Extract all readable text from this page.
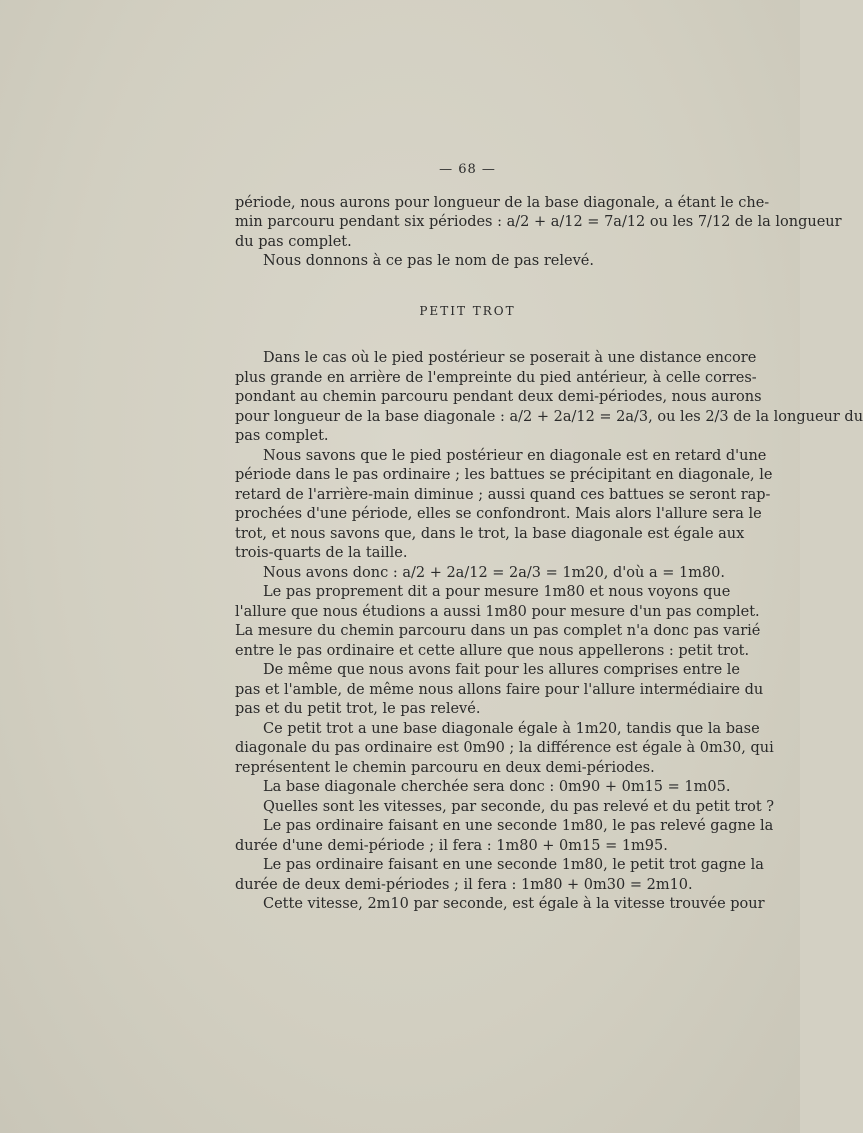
— 68 —
période, nous aurons pour longueur de la base diagonale, a étant le che-
min parcouru pendant six périodes : a/2 + a/12 = 7a/12 ou les 7/12 de la longueur
du pas complet.
Nous donnons à ce pas le nom de pas relevé.
PETIT TROT
Dans le cas où le pied postérieur se poserait à une distance encore
plus grande en arrière de l'empreinte du pied antérieur, à celle corres-
pondant au chemin parcouru pendant deux demi-périodes, nous aurons
pour longueur de la base diagonale : a/2 + 2a/12 = 2a/3, ou les 2/3 de la longueur du
pas complet.
Nous savons que le pied postérieur en diagonale est en retard d'une
période dans le pas ordinaire ; les battues se précipitant en diagonale, le
retard de l'arrière-main diminue ; aussi quand ces battues se seront rap-
prochées d'une période, elles se confondront. Mais alors l'allure sera le
trot, et nous savons que, dans le trot, la base diagonale est égale aux
trois-quarts de la taille.
Nous avons donc : a/2 + 2a/12 = 2a/3 = 1m20, d'où a = 1m80.
Le pas proprement dit a pour mesure 1m80 et nous voyons que
l'allure que nous étudions a aussi 1m80 pour mesure d'un pas complet.
La mesure du chemin parcouru dans un pas complet n'a donc pas varié
entre le pas ordinaire et cette allure que nous appellerons : petit trot.
De même que nous avons fait pour les allures comprises entre le
pas et l'amble, de même nous allons faire pour l'allure intermédiaire du
pas et du petit trot, le pas relevé.
Ce petit trot a une base diagonale égale à 1m20, tandis que la base
diagonale du pas ordinaire est 0m90 ; la différence est égale à 0m30, qui
représentent le chemin parcouru en deux demi-périodes.
La base diagonale cherchée sera donc : 0m90 + 0m15 = 1m05.
Quelles sont les vitesses, par seconde, du pas relevé et du petit trot ?
Le pas ordinaire faisant en une seconde 1m80, le pas relevé gagne la
durée d'une demi-période ; il fera : 1m80 + 0m15 = 1m95.
Le pas ordinaire faisant en une seconde 1m80, le petit trot gagne la
durée de deux demi-périodes ; il fera : 1m80 + 0m30 = 2m10.
Cette vitesse, 2m10 par seconde, est égale à la vitesse trouvée pour
